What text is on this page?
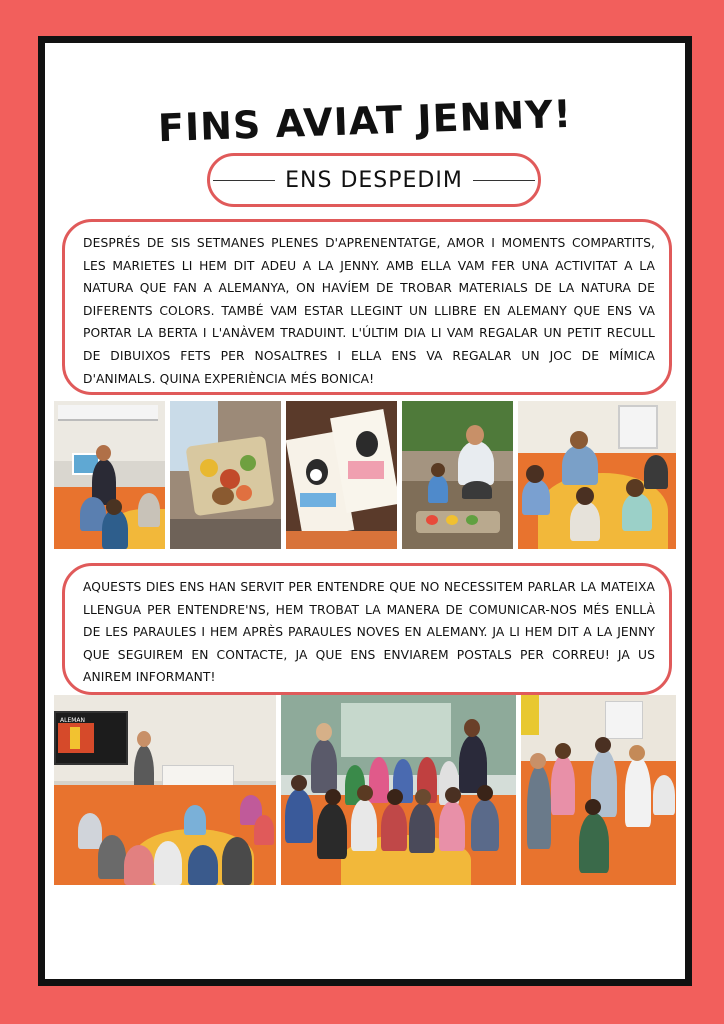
FINS AVIAT JENNY!
ENS DESPEDIM
DESPRÉS DE SIS SETMANES PLENES D'APRENENTATGE, AMOR I MOMENTS COMPARTITS, LES MARIETES LI HEM DIT ADEU A LA JENNY. AMB ELLA VAM FER UNA ACTIVITAT A LA NATURA QUE FAN A ALEMANYA, ON HAVÍEM DE TROBAR MATERIALS DE LA NATURA DE DIFERENTS COLORS. TAMBÉ VAM ESTAR LLEGINT UN LLIBRE EN ALEMANY QUE ENS VA PORTAR LA BERTA I L'ANÀVEM TRADUINT. L'ÚLTIM DIA LI VAM REGALAR UN PETIT RECULL DE DIBUIXOS FETS PER NOSALTRES I ELLA ENS VA REGALAR UN JOC DE MÍMICA D'ANIMALS. QUINA EXPERIÈNCIA MÉS BONICA!
AQUESTS DIES ENS HAN SERVIT PER ENTENDRE QUE NO NECESSITEM PARLAR LA MATEIXA LLENGUA PER ENTENDRE'NS, HEM TROBAT LA MANERA DE COMUNICAR-NOS MÉS ENLLÀ DE LES PARAULES I HEM APRÈS PARAULES NOVES EN ALEMANY. JA LI HEM DIT A LA JENNY QUE SEGUIREM EN CONTACTE, JA QUE ENS ENVIAREM POSTALS PER CORREU! JA US ANIREM INFORMANT!
ALEMAN
